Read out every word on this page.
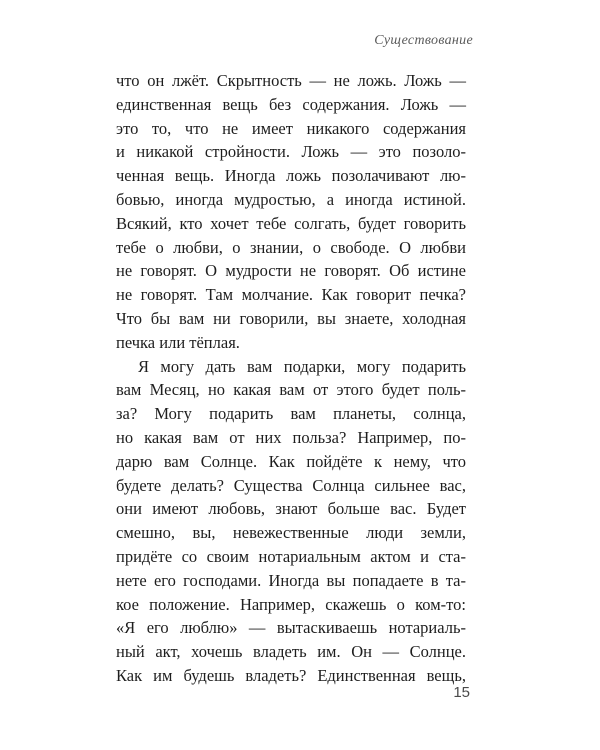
Существование
что он лжёт. Скрытность — не ложь. Ложь —
единственная вещь без содержания. Ложь —
это то, что не имеет никакого содержания
и никакой стройности. Ложь — это позоло-
ченная вещь. Иногда ложь позолачивают лю-
бовью, иногда мудростью, а иногда истиной.
Всякий, кто хочет тебе солгать, будет говорить
тебе о любви, о знании, о свободе. О любви
не говорят. О мудрости не говорят. Об истине
не говорят. Там молчание. Как говорит печка?
Что бы вам ни говорили, вы знаете, холодная
печка или тёплая.
Я могу дать вам подарки, могу подарить
вам Месяц, но какая вам от этого будет поль-
за? Могу подарить вам планеты, солнца,
но какая вам от них польза? Например, по-
дарю вам Солнце. Как пойдёте к нему, что
будете делать? Существа Солнца сильнее вас,
они имеют любовь, знают больше вас. Будет
смешно, вы, невежественные люди земли,
придёте со своим нотариальным актом и ста-
нете его господами. Иногда вы попадаете в та-
кое положение. Например, скажешь о ком-то:
«Я его люблю» — вытаскиваешь нотариаль-
ный акт, хочешь владеть им. Он — Солнце.
Как им будешь владеть? Единственная вещь,
15
